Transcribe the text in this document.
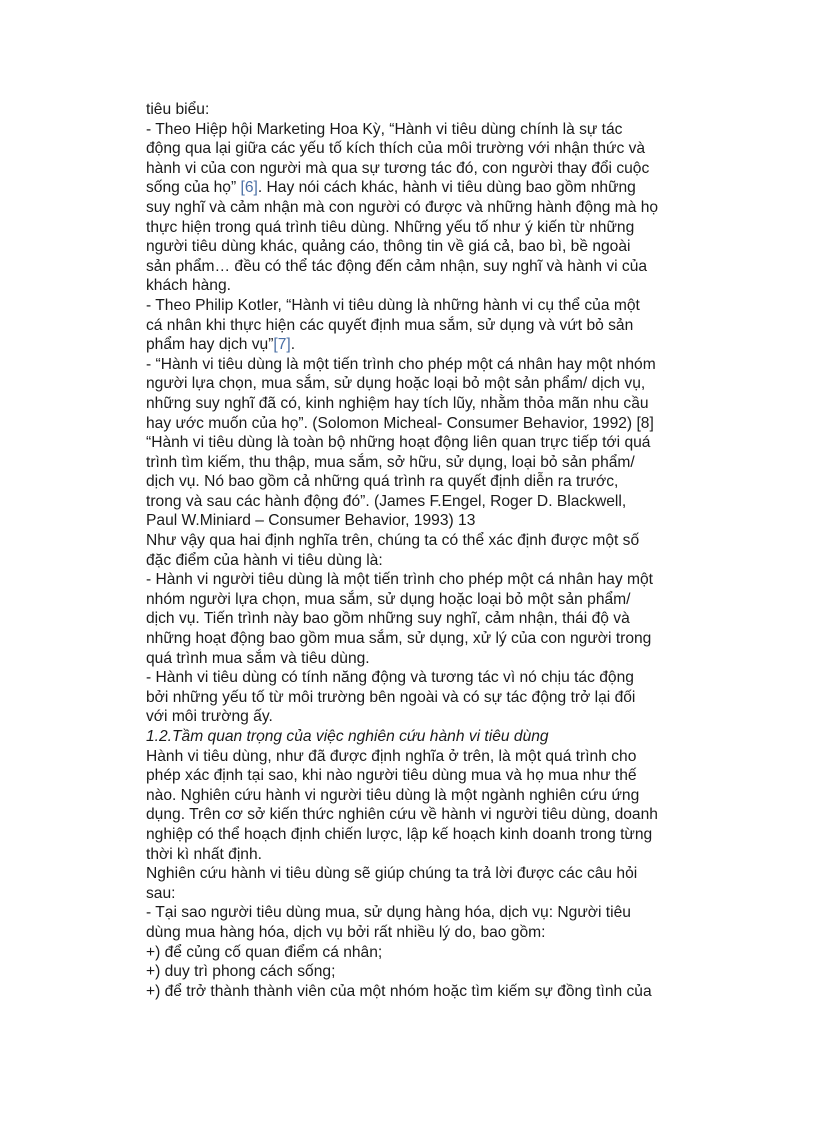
tiêu biểu:

- Theo Hiệp hội Marketing Hoa Kỳ, “Hành vi tiêu dùng chính là sự tác

động qua lại giữa các yếu tố kích thích của môi trường với nhận thức và

hành vi của con người mà qua sự tương tác đó, con người thay đổi cuộc

sống của họ” [6]. Hay nói cách khác, hành vi tiêu dùng bao gồm những

suy nghĩ và cảm nhận mà con người có được và những hành động mà họ

thực hiện trong quá trình tiêu dùng. Những yếu tố như ý kiến từ những

người tiêu dùng khác, quảng cáo, thông tin về giá cả, bao bì, bề ngoài

sản phẩm… đều có thể tác động đến cảm nhận, suy nghĩ và hành vi của

khách hàng.

- Theo Philip Kotler, “Hành vi tiêu dùng là những hành vi cụ thể của một

cá nhân khi thực hiện các quyết định mua sắm, sử dụng và vứt bỏ sản

phẩm hay dịch vụ”[7].

- “Hành vi tiêu dùng là một tiến trình cho phép một cá nhân hay một nhóm

người lựa chọn, mua sắm, sử dụng hoặc loại bỏ một sản phẩm/ dịch vụ,

những suy nghĩ đã có, kinh nghiệm hay tích lũy, nhằm thỏa mãn nhu cầu

hay ước muốn của họ”. (Solomon Micheal- Consumer Behavior, 1992) [8]

“Hành vi tiêu dùng là toàn bộ những hoạt động liên quan trực tiếp tới quá

trình tìm kiếm, thu thập, mua sắm, sở hữu, sử dụng, loại bỏ sản phẩm/

dịch vụ. Nó bao gồm cả những quá trình ra quyết định diễn ra trước,

trong và sau các hành động đó”. (James F.Engel, Roger D. Blackwell,

Paul W.Miniard – Consumer Behavior, 1993) 13

Như vậy qua hai định nghĩa trên, chúng ta có thể xác định được một số

đặc điểm của hành vi tiêu dùng là:

- Hành vi người tiêu dùng là một tiến trình cho phép một cá nhân hay một

nhóm người lựa chọn, mua sắm, sử dụng hoặc loại bỏ một sản phẩm/

dịch vụ. Tiến trình này bao gồm những suy nghĩ, cảm nhận, thái độ và

những hoạt động bao gồm mua sắm, sử dụng, xử lý của con người trong

quá trình mua sắm và tiêu dùng.

- Hành vi tiêu dùng có tính năng động và tương tác vì nó chịu tác động

bởi những yếu tố từ môi trường bên ngoài và có sự tác động trở lại đối

với môi trường ấy.

1.2.Tầm quan trọng của việc nghiên cứu hành vi tiêu dùng

Hành vi tiêu dùng, như đã được định nghĩa ở trên, là một quá trình cho

phép xác định tại sao, khi nào người tiêu dùng mua và họ mua như thế

nào. Nghiên cứu hành vi người tiêu dùng là một ngành nghiên cứu ứng

dụng. Trên cơ sở kiến thức nghiên cứu về hành vi người tiêu dùng, doanh

nghiệp có thể hoạch định chiến lược, lập kế hoạch kinh doanh trong từng

thời kì nhất định.

Nghiên cứu hành vi tiêu dùng sẽ giúp chúng ta trả lời được các câu hỏi

sau:

- Tại sao người tiêu dùng mua, sử dụng hàng hóa, dịch vụ: Người tiêu

dùng mua hàng hóa, dịch vụ bởi rất nhiều lý do, bao gồm:

+) để củng cố quan điểm cá nhân;

+) duy trì phong cách sống;

+) để trở thành thành viên của một nhóm hoặc tìm kiếm sự đồng tình của
